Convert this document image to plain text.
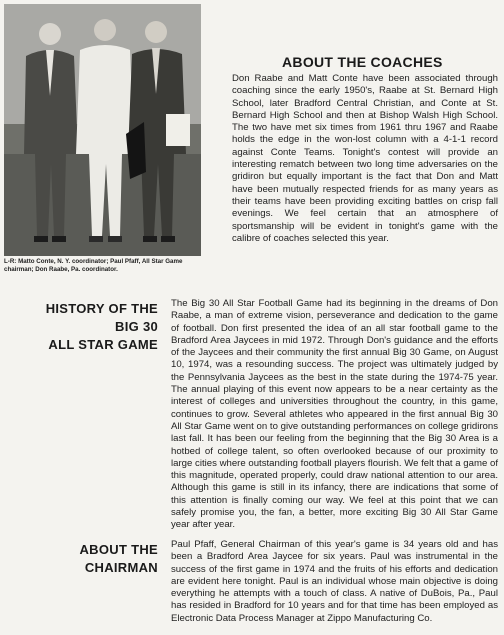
L-R: Matto Conte, N. Y. coordinator; Paul Pfaff, All Star Game chairman; Don Raabe, Pa. coordinator.
ABOUT THE COACHES
Don Raabe and Matt Conte have been associated through coaching since the early 1950's, Raabe at St. Bernard High School, later Bradford Central Christian, and Conte at St. Bernard High School and then at Bishop Walsh High School. The two have met six times from 1961 thru 1967 and Raabe holds the edge in the won-lost column with a 4-1-1 record against Conte Teams. Tonight's contest will provide an interesting rematch between two long time adversaries on the gridiron but equally important is the fact that Don and Matt have been mutually respected friends for as many years as their teams have been providing exciting battles on crisp fall evenings. We feel certain that an atmosphere of sportsmanship will be evident in tonight's game with the calibre of coaches selected this year.
HISTORY OF THE
BIG 30
ALL STAR GAME
The Big 30 All Star Football Game had its beginning in the dreams of Don Raabe, a man of extreme vision, perseverance and dedication to the game of football. Don first presented the idea of an all star football game to the Bradford Area Jaycees in mid 1972. Through Don's guidance and the efforts of the Jaycees and their community the first annual Big 30 Game, on August 10, 1974, was a resounding success. The project was ultimately judged by the Pennsylvania Jaycees as the best in the state during the 1974-75 year. The annual playing of this event now appears to be a near certainty as the interest of colleges and universities throughout the country, in this game, continues to grow. Several athletes who appeared in the first annual Big 30 All Star Game went on to give outstanding performances on college gridirons last fall. It has been our feeling from the beginning that the Big 30 Area is a hotbed of college talent, so often overlooked because of our proximity to large cities where outstanding football players flourish. We felt that a game of this magnitude, operated properly, could draw national attention to our area. Although this game is still in its infancy, there are indications that some of this attention is finally coming our way. We feel at this point that we can safely promise you, the fan, a better, more exciting Big 30 All Star Game year after year.
ABOUT THE
CHAIRMAN
Paul Pfaff, General Chairman of this year's game is 34 years old and has been a Bradford Area Jaycee for six years. Paul was instrumental in the success of the first game in 1974 and the fruits of his efforts and dedication are evident here tonight. Paul is an individual whose main objective is doing everything he attempts with a touch of class. A native of DuBois, Pa., Paul has resided in Bradford for 10 years and for that time has been employed as Electronic Data Process Manager at Zippo Manufacturing Co.
